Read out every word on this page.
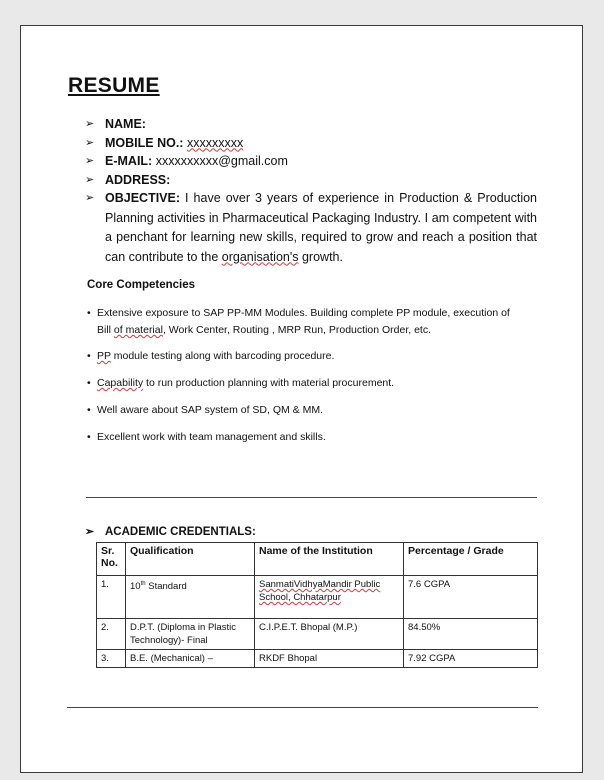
RESUME
➢ NAME:
➢ MOBILE NO.: xxxxxxxxx
➢ E-MAIL: xxxxxxxxxx@gmail.com
➢ ADDRESS:
➢ OBJECTIVE: I have over 3 years of experience in Production & Production Planning activities in Pharmaceutical Packaging Industry. I am competent with a penchant for learning new skills, required to grow and reach a position that can contribute to the organisation's growth.
Core Competencies
• Extensive exposure to SAP PP-MM Modules. Building complete PP module, execution of
Bill of material, Work Center, Routing , MRP Run, Production Order, etc.
• PP module testing along with barcoding procedure.
• Capability to run production planning with material procurement.
• Well aware about SAP system of SD, QM & MM.
• Excellent work with team management and skills.
➢ ACADEMIC CREDENTIALS:
Sr. No.	Qualification	Name of the Institution	Percentage / Grade
1.	10th Standard	SanmatiVidhyaMandir Public School, Chhatarpur	7.6 CGPA
2.	D.P.T. (Diploma in Plastic Technology)- Final	C.I.P.E.T. Bhopal (M.P.)	84.50%
3.	B.E. (Mechanical) –	RKDF Bhopal	7.92 CGPA
